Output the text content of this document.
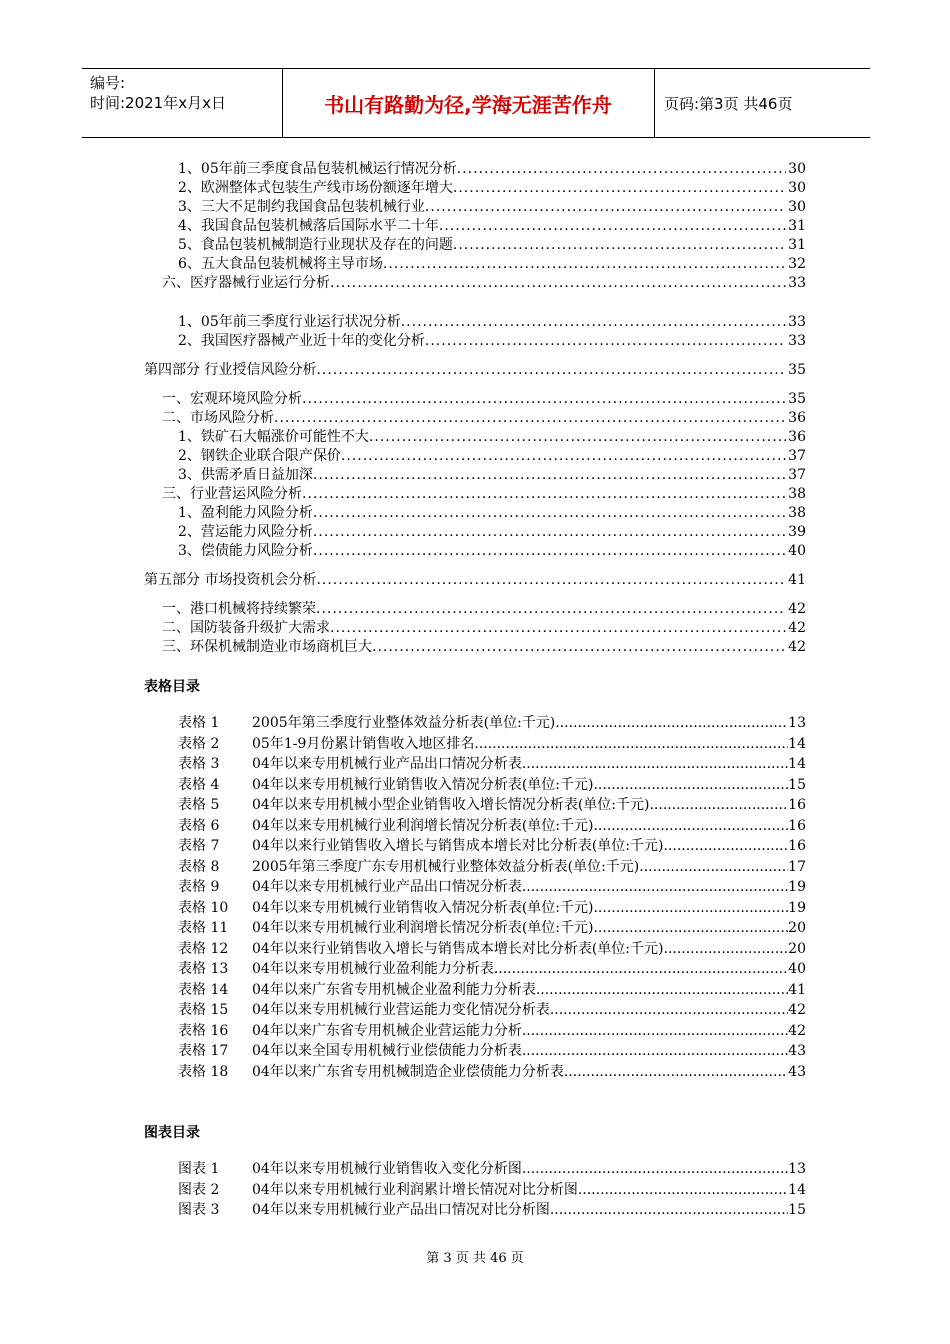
编号:
时间:2021年x月x日	书山有路勤为径,学海无涯苦作舟	页码:第3页 共46页
1、05年前三季度食品包装机械运行情况分析 .....	30
2、欧洲整体式包装生产线市场份额逐年增大 .....	30
3、三大不足制约我国食品包装机械行业 .....	30
4、我国食品包装机械落后国际水平二十年 .....	31
5、食品包装机械制造行业现状及存在的问题 .....	31
6、五大食品包装机械将主导市场 .....	32
六、医疗器械行业运行分析 .....	33
1、05年前三季度行业运行状况分析 .....	33
2、我国医疗器械产业近十年的变化分析 .....	33
第四部分 行业授信风险分析 .....	35
一、宏观环境风险分析 .....	35
二、市场风险分析 .....	36
1、铁矿石大幅涨价可能性不大 .....	36
2、钢铁企业联合限产保价 .....	37
3、供需矛盾日益加深 .....	37
三、行业营运风险分析 .....	38
1、盈利能力风险分析 .....	38
2、营运能力风险分析 .....	39
3、偿债能力风险分析 .....	40
第五部分 市场投资机会分析 .....	41
一、港口机械将持续繁荣 .....	42
二、国防装备升级扩大需求 .....	42
三、环保机械制造业市场商机巨大 .....	42
表格目录
表格 1	2005年第三季度行业整体效益分析表(单位:千元) .....	13
表格 2	05年1-9月份累计销售收入地区排名 .....	14
表格 3	04年以来专用机械行业产品出口情况分析表 .....	14
表格 4	04年以来专用机械行业销售收入情况分析表(单位:千元) .....	15
表格 5	04年以来专用机械小型企业销售收入增长情况分析表(单位:千元) .....	16
表格 6	04年以来专用机械行业利润增长情况分析表(单位:千元) .....	16
表格 7	04年以来行业销售收入增长与销售成本增长对比分析表(单位:千元) .....	16
表格 8	2005年第三季度广东专用机械行业整体效益分析表(单位:千元) .....	17
表格 9	04年以来专用机械行业产品出口情况分析表 .....	19
表格 10	04年以来专用机械行业销售收入情况分析表(单位:千元) .....	19
表格 11	04年以来专用机械行业利润增长情况分析表(单位:千元) .....	20
表格 12	04年以来行业销售收入增长与销售成本增长对比分析表(单位:千元) .....	20
表格 13	04年以来专用机械行业盈利能力分析表 .....	40
表格 14	04年以来广东省专用机械企业盈利能力分析表 .....	41
表格 15	04年以来专用机械行业营运能力变化情况分析表 .....	42
表格 16	04年以来广东省专用机械企业营运能力分析 .....	42
表格 17	04年以来全国专用机械行业偿债能力分析表 .....	43
表格 18	04年以来广东省专用机械制造企业偿债能力分析表 .....	43
图表目录
图表 1	04年以来专用机械行业销售收入变化分析图 .....	13
图表 2	04年以来专用机械行业利润累计增长情况对比分析图 .....	14
图表 3	04年以来专用机械行业产品出口情况对比分析图 .....	15
第 3 页 共 46 页
